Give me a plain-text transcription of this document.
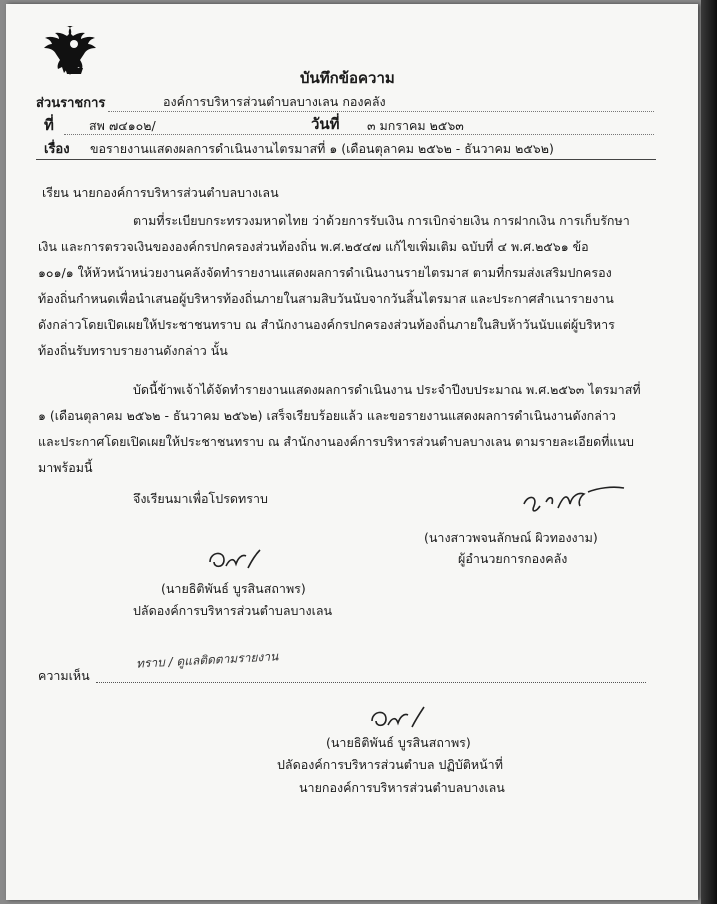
บันทึกข้อความ
ส่วนราชการ	องค์การบริหารส่วนตำบลบางเลน กองคลัง
ที่	สพ ๗๔๑๐๒/	วันที่ ๓ มกราคม ๒๕๖๓
เรื่อง ขอรายงานแสดงผลการดำเนินงานไตรมาสที่ ๑ (เดือนตุลาคม ๒๕๖๒ - ธันวาคม ๒๕๖๒)
เรียน นายกองค์การบริหารส่วนตำบลบางเลน
ตามที่ระเบียบกระทรวงมหาดไทย ว่าด้วยการรับเงิน การเบิกจ่ายเงิน การฝากเงิน การเก็บรักษา
เงิน และการตรวจเงินขององค์กรปกครองส่วนท้องถิ่น พ.ศ.๒๕๔๗ แก้ไขเพิ่มเติม ฉบับที่ ๔ พ.ศ.๒๕๖๑ ข้อ
๑๐๑/๑ ให้หัวหน้าหน่วยงานคลังจัดทำรายงานแสดงผลการดำเนินงานรายไตรมาส ตามที่กรมส่งเสริมปกครอง
ท้องถิ่นกำหนดเพื่อนำเสนอผู้บริหารท้องถิ่นภายในสามสิบวันนับจากวันสิ้นไตรมาส และประกาศสำเนารายงาน
ดังกล่าวโดยเปิดเผยให้ประชาชนทราบ ณ สำนักงานองค์กรปกครองส่วนท้องถิ่นภายในสิบห้าวันนับแต่ผู้บริหาร
ท้องถิ่นรับทราบรายงานดังกล่าว นั้น
บัดนี้ข้าพเจ้าได้จัดทำรายงานแสดงผลการดำเนินงาน ประจำปีงบประมาณ พ.ศ.๒๕๖๓ ไตรมาสที่
๑ (เดือนตุลาคม ๒๕๖๒ - ธันวาคม ๒๕๖๒) เสร็จเรียบร้อยแล้ว และขอรายงานแสดงผลการดำเนินงานดังกล่าว
และประกาศโดยเปิดเผยให้ประชาชนทราบ ณ สำนักงานองค์การบริหารส่วนตำบลบางเลน ตามรายละเอียดที่แนบ
มาพร้อมนี้
จึงเรียนมาเพื่อโปรดทราบ
(นางสาวพจนลักษณ์ ผิวทองงาม)
ผู้อำนวยการกองคลัง
(นายธิติพันธ์ บูรสินสถาพร)
ปลัดองค์การบริหารส่วนตำบลบางเลน
ความเห็น
ทราบ / ดูแลติดตามรายงาน
(นายธิติพันธ์ บูรสินสถาพร)
ปลัดองค์การบริหารส่วนตำบล ปฏิบัติหน้าที่
นายกองค์การบริหารส่วนตำบลบางเลน
